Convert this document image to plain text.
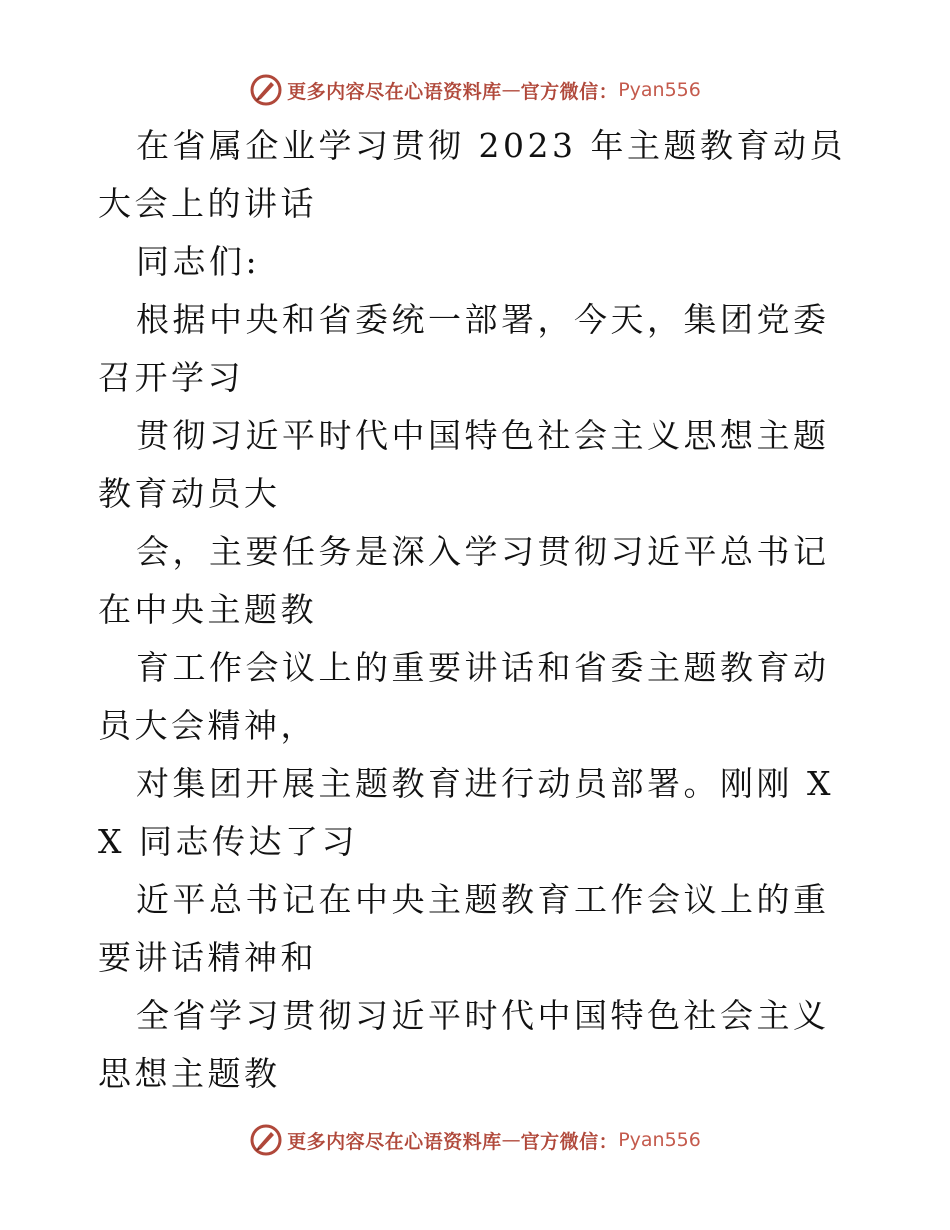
更多内容尽在心语资料库 — 官方微信： Pyan556

在省属企业学习贯彻 2023 年主题教育动员大会上的讲话

同志们:

根据中央和省委统一部署，今天，集团党委召开学习

贯彻习近平时代中国特色社会主义思想主题教育动员大

会，主要任务是深入学习贯彻习近平总书记在中央主题教

育工作会议上的重要讲话和省委主题教育动员大会精神，

对集团开展主题教育进行动员部署。刚刚 XX 同志传达了习

近平总书记在中央主题教育工作会议上的重要讲话精神和

全省学习贯彻习近平时代中国特色社会主义思想主题教

更多内容尽在心语资料库 — 官方微信： Pyan556
